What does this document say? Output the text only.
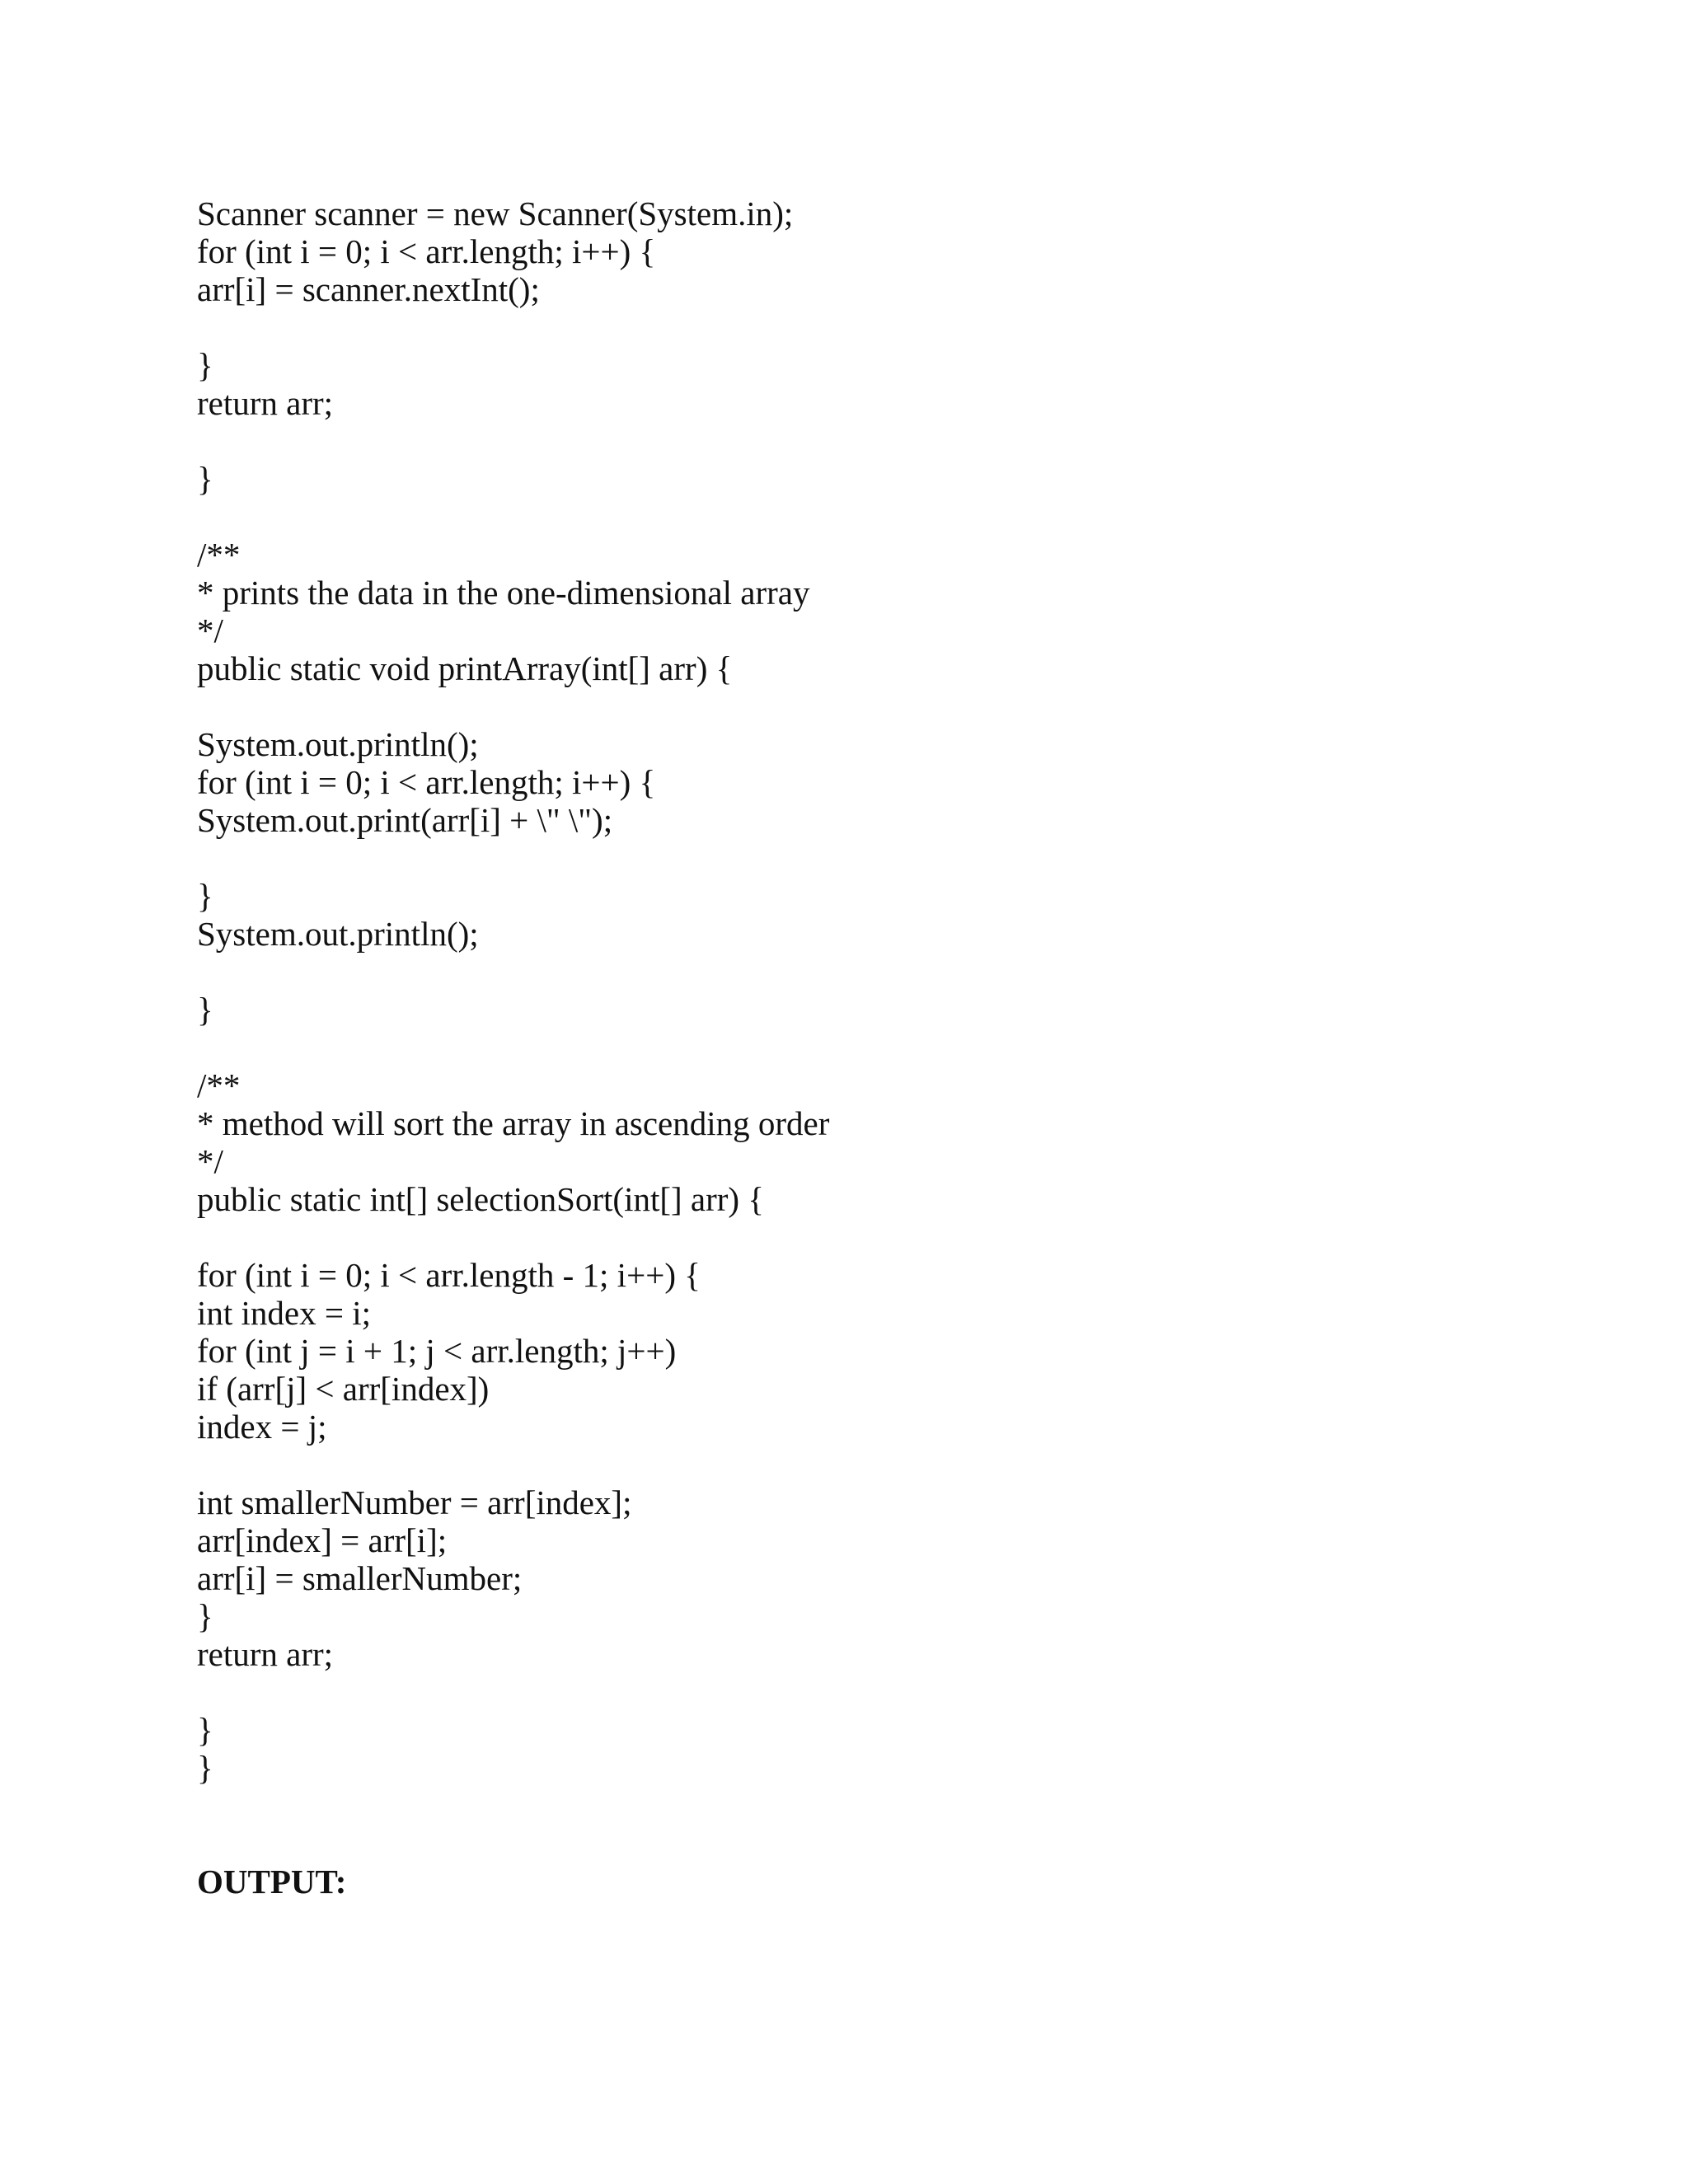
Scanner scanner = new Scanner(System.in);
for (int i = 0; i < arr.length; i++) {
arr[i] = scanner.nextInt();
}
return arr;
}
/**
* prints the data in the one-dimensional array
*/
public static void printArray(int[] arr) {
System.out.println();
for (int i = 0; i < arr.length; i++) {
System.out.print(arr[i] + \" \");
}
System.out.println();
}
/**
* method will sort the array in ascending order
*/
public static int[] selectionSort(int[] arr) {
for (int i = 0; i < arr.length - 1; i++) {
int index = i;
for (int j = i + 1; j < arr.length; j++)
if (arr[j] < arr[index])
index = j;
int smallerNumber = arr[index];
arr[index] = arr[i];
arr[i] = smallerNumber;
}
return arr;
}
}
OUTPUT:
